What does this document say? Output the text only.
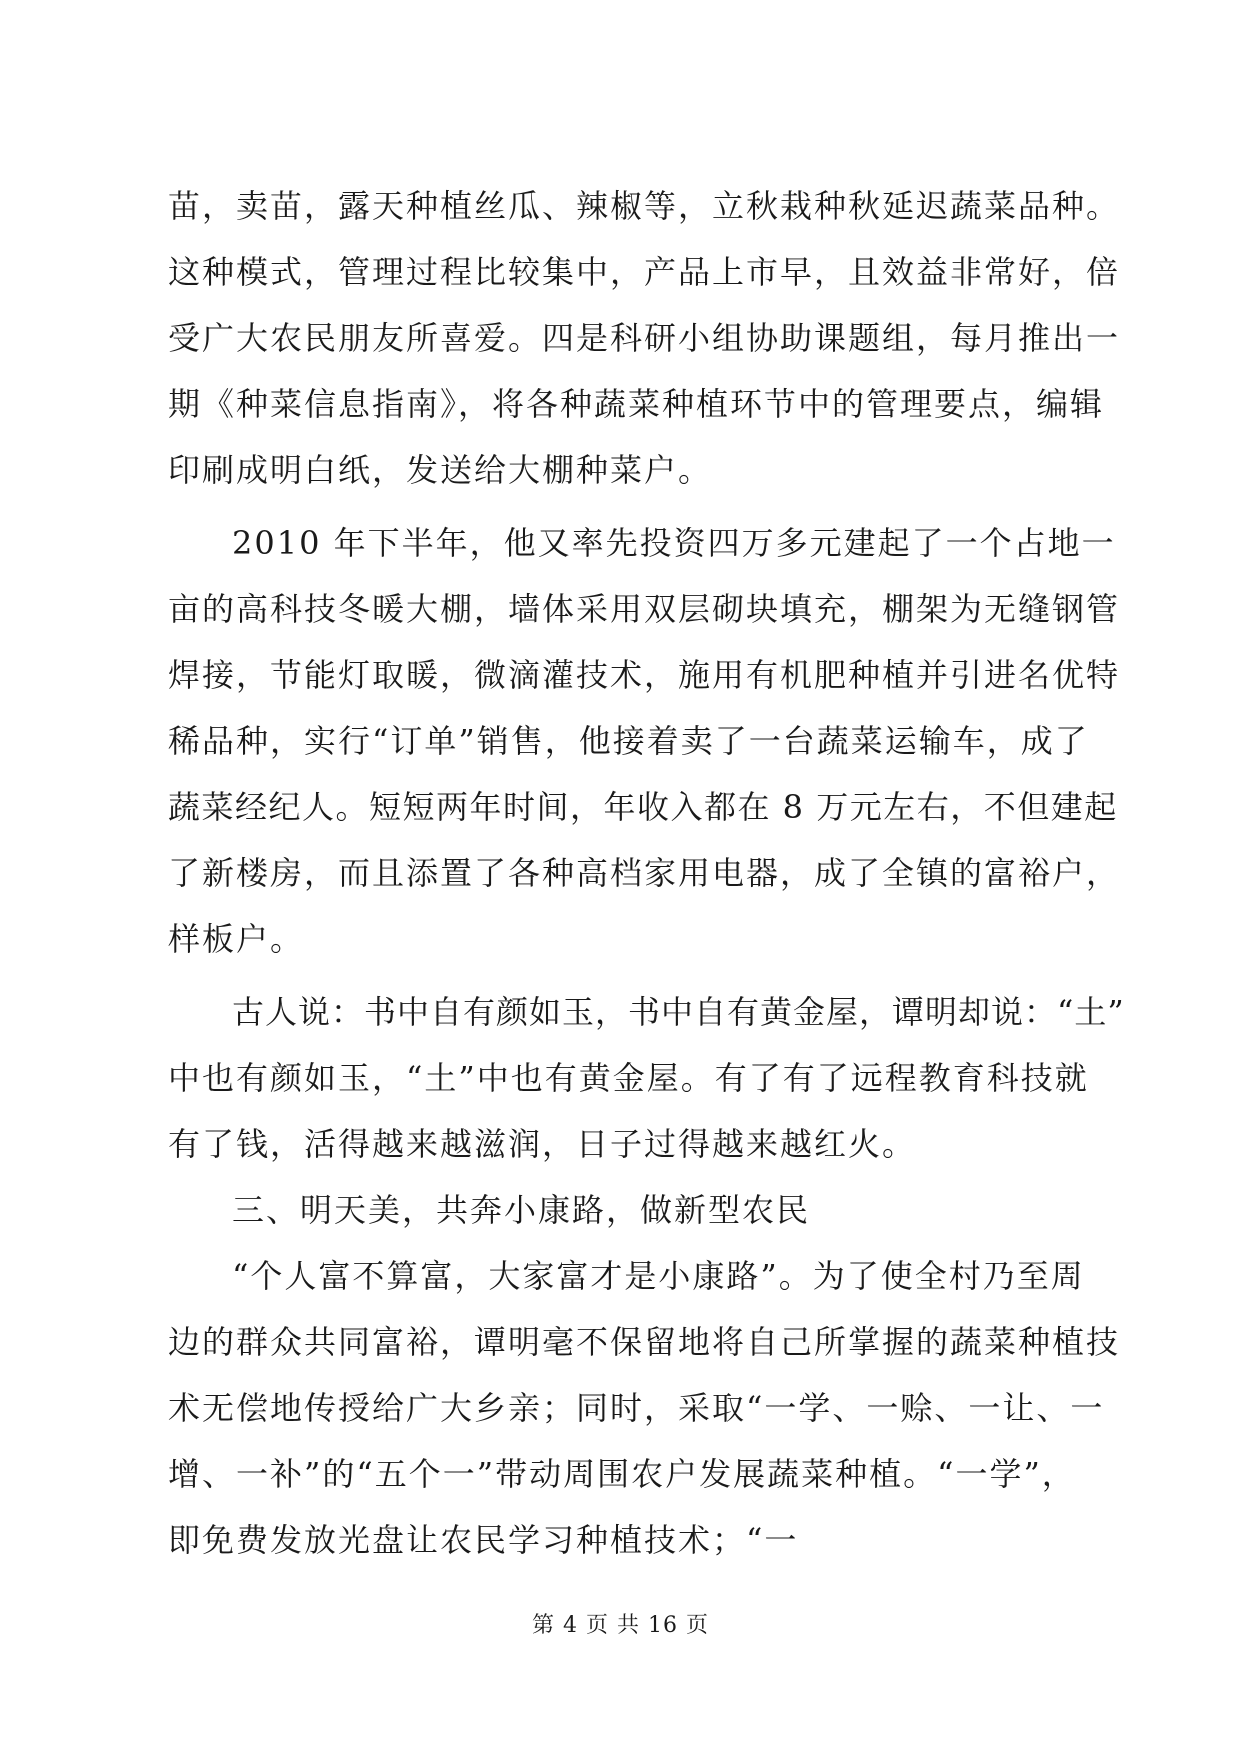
苗，卖苗，露天种植丝瓜、辣椒等，立秋栽种秋延迟蔬菜品种。
这种模式，管理过程比较集中，产品上市早，且效益非常好，倍
受广大农民朋友所喜爱。四是科研小组协助课题组，每月推出一
期《种菜信息指南》，将各种蔬菜种植环节中的管理要点，编辑
印刷成明白纸，发送给大棚种菜户。
2010 年下半年，他又率先投资四万多元建起了一个占地一
亩的高科技冬暖大棚，墙体采用双层砌块填充，棚架为无缝钢管
焊接，节能灯取暖，微滴灌技术，施用有机肥种植并引进名优特
稀品种，实行“订单”销售，他接着卖了一台蔬菜运输车，成了
蔬菜经纪人。短短两年时间，年收入都在 8 万元左右，不但建起
了新楼房，而且添置了各种高档家用电器，成了全镇的富裕户，
样板户。
古人说：书中自有颜如玉，书中自有黄金屋，谭明却说：“土”
中也有颜如玉，“土”中也有黄金屋。有了有了远程教育科技就
有了钱，活得越来越滋润，日子过得越来越红火。
三、明天美，共奔小康路，做新型农民
“个人富不算富，大家富才是小康路”。为了使全村乃至周
边的群众共同富裕，谭明毫不保留地将自己所掌握的蔬菜种植技
术无偿地传授给广大乡亲；同时，采取“一学、一赊、一让、一
增、一补”的“五个一”带动周围农户发展蔬菜种植。“一学”，
即免费发放光盘让农民学习种植技术；“一
第 4 页 共 16 页
